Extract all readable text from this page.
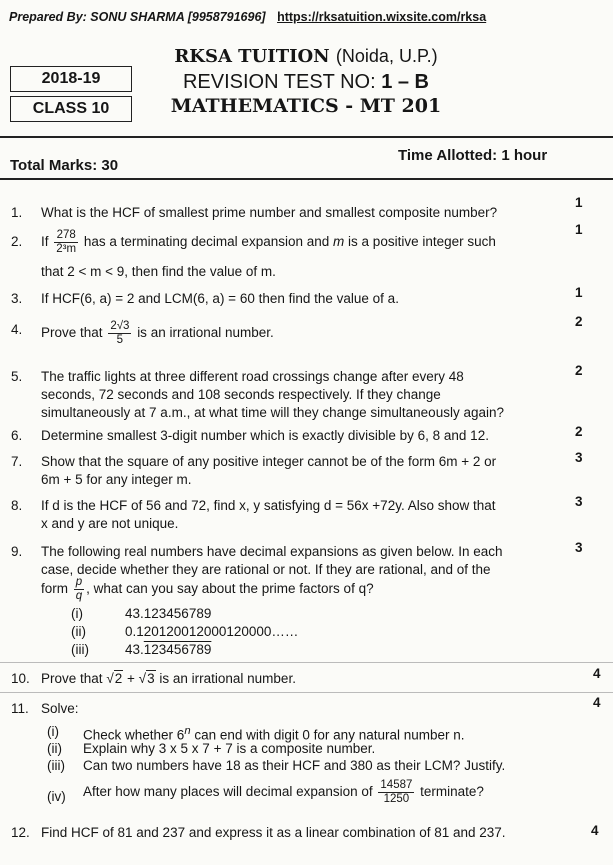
Prepared By: SONU SHARMA [9958791696] https://rksatuition.wixsite.com/rksa
2018-19
CLASS 10
RKSA TUITION (Noida, U.P.)
REVISION TEST NO: 1 – B
MATHEMATICS - MT 201
Total Marks: 30
Time Allotted: 1 hour
1. What is the HCF of smallest prime number and smallest composite number?
1
2. If $\frac{278}{\text{2³m}}$ has a terminating decimal expansion and m is a positive integer such
that 2 < m < 9, then find the value of m.
1
3. If HCF(6, a) = 2 and LCM(6, a) = 60 then find the value of a.	1
4. Prove that $\frac{2√3}{5}$ is an irrational number.
2
5. The traffic lights at three different road crossings change after every 48
seconds, 72 seconds and 108 seconds respectively. If they change
simultaneously at 7 a.m., at what time will they change simultaneously again?
2
6. Determine smallest 3-digit number which is exactly divisible by 6, 8 and 12.	2
7. Show that the square of any positive integer cannot be of the form 6m + 2 or
6m + 5 for any integer m.
3
8. If d is the HCF of 56 and 72, find x, y satisfying d = 56x +72y. Also show that
x and y are not unique.
3
9. The following real numbers have decimal expansions as given below. In each
case, decide whether they are rational or not. If they are rational, and of the
form $\frac{p}{q}$ , what can you say about the prime factors of q?
(i)	43.123456789
(ii)	0.120120012000120000……
(iii)	43.123456789
3
10. Prove that √2 + √3 is an irrational number.	4
11. Solve:
(i) Check whether 6$^n$ can end with digit 0 for any natural number n.
(ii) Explain why 3 x 5 x 7 + 7 is a composite number.
(iii) Can two numbers have 18 as their HCF and 380 as their LCM? Justify.
(iv) After how many places will decimal expansion of $\frac{14587}{1250}$ terminate?
4
12. Find HCF of 81 and 237 and express it as a linear combination of 81 and 237.	4
